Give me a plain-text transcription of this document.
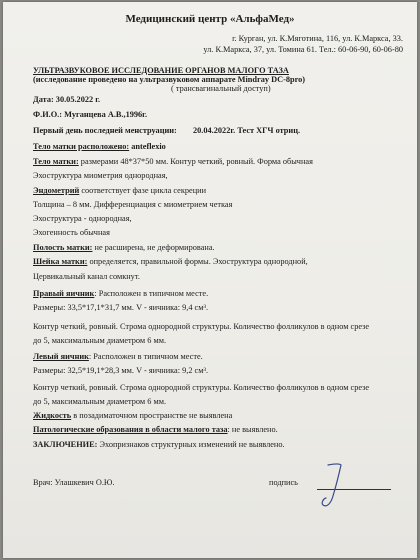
Медицинский центр «АльфаМед»
г. Курган, ул. К.Мяготина, 116, ул. К.Маркса, 33.
ул. К.Маркса, 37, ул. Томина 61. Тел.: 60-06-90, 60-06-80
УЛЬТРАЗВУКОВОЕ ИССЛЕДОВАНИЕ ОРГАНОВ МАЛОГО ТАЗА
(исследование проведено на ультразвуковом аппарате Mindray DC-8pro)
( трансвагинальный доступ)
Дата: 30.05.2022 г.
Ф.И.О.: Муганцева А.В.,1996г.
Первый день последней менструации: 20.04.2022г. Тест ХГЧ отриц.
Тело матки расположено: anteflexio
Тело матки: размерами 48*37*50 мм. Контур четкий, ровный. Форма обычная
Эхоструктура миометрия однородная,
Эндометрий соответствует фазе цикла секреции
Толщина – 8 мм. Дифференциация с миометрием четкая
Эхоструктура - однородная,
Эхогенность обычная
Полость матки: не расширена, не деформирована.
Шейка матки: определяется, правильной формы. Эхоструктура однородной,
Цервикальный канал сомкнут.
Правый яичник: Расположен в типичном месте.
Размеры: 33,5*17,1*31,7 мм. V - яичника: 9,4 см³.
Контур четкий, ровный. Строма однородной структуры. Количество фолликулов в одном срезе
до 5, максимальным диаметром 6 мм.
Левый яичник: Расположен в типичном месте.
Размеры: 32,5*19,1*28,3 мм. V - яичника: 9,2 см³.
Контур четкий, ровный. Строма однородной структуры. Количество фолликулов в одном срезе
до 5, максимальным диаметром 6 мм.
Жидкость в позадиматочном пространстве не выявлена
Патологические образования в области малого таза: не выявлено.
ЗАКЛЮЧЕНИЕ: Эхопризнаков структурных изменений не выявлено.
Врач: Улашкевич О.Ю.	подпись
